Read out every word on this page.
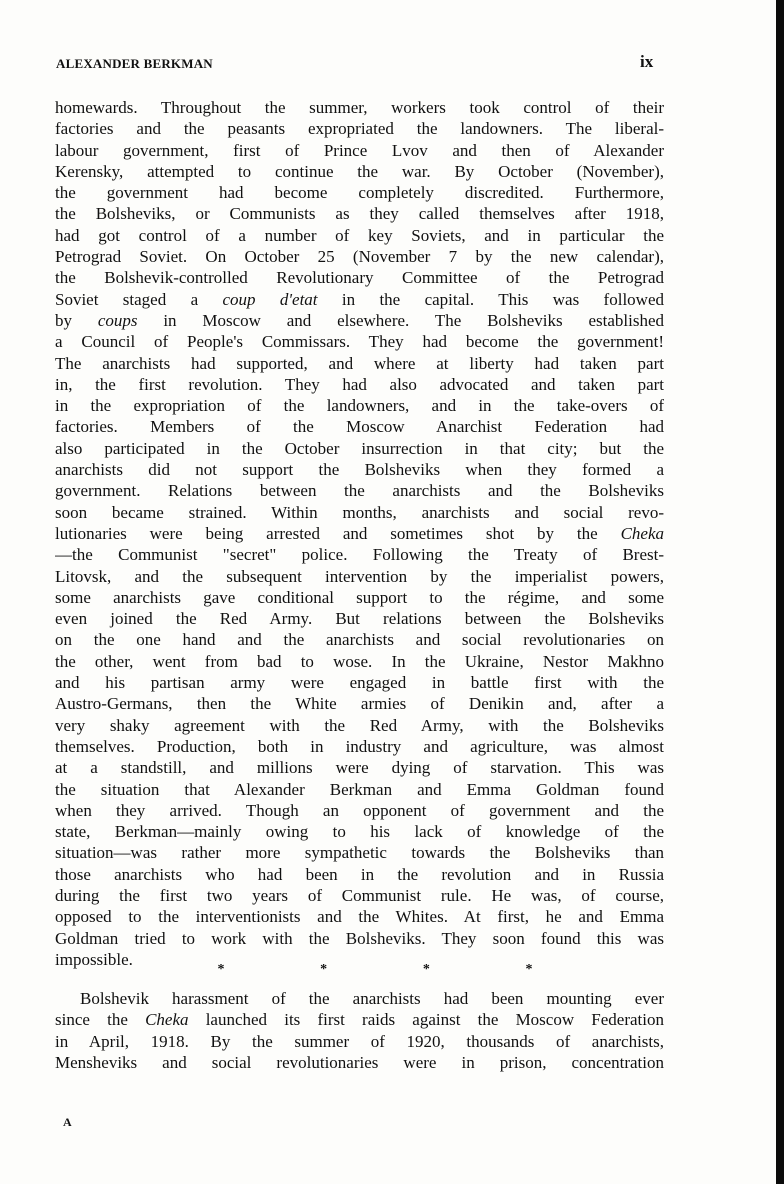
ALEXANDER BERKMAN	ix
homewards. Throughout the summer, workers took control of their
factories and the peasants expropriated the landowners. The liberal-
labour government, first of Prince Lvov and then of Alexander
Kerensky, attempted to continue the war. By October (November),
the government had become completely discredited. Furthermore,
the Bolsheviks, or Communists as they called themselves after 1918,
had got control of a number of key Soviets, and in particular the
Petrograd Soviet. On October 25 (November 7 by the new calendar),
the Bolshevik-controlled Revolutionary Committee of the Petrograd
Soviet staged a coup d'etat in the capital. This was followed
by coups in Moscow and elsewhere. The Bolsheviks established
a Council of People's Commissars. They had become the government!
The anarchists had supported, and where at liberty had taken part
in, the first revolution. They had also advocated and taken part
in the expropriation of the landowners, and in the take-overs of
factories. Members of the Moscow Anarchist Federation had
also participated in the October insurrection in that city; but the
anarchists did not support the Bolsheviks when they formed a
government. Relations between the anarchists and the Bolsheviks
soon became strained. Within months, anarchists and social revo-
lutionaries were being arrested and sometimes shot by the Cheka
—the Communist "secret" police. Following the Treaty of Brest-
Litovsk, and the subsequent intervention by the imperialist powers,
some anarchists gave conditional support to the régime, and some
even joined the Red Army. But relations between the Bolsheviks
on the one hand and the anarchists and social revolutionaries on
the other, went from bad to wose. In the Ukraine, Nestor Makhno
and his partisan army were engaged in battle first with the
Austro-Germans, then the White armies of Denikin and, after a
very shaky agreement with the Red Army, with the Bolsheviks
themselves. Production, both in industry and agriculture, was almost
at a standstill, and millions were dying of starvation. This was
the situation that Alexander Berkman and Emma Goldman found
when they arrived. Though an opponent of government and the
state, Berkman—mainly owing to his lack of knowledge of the
situation—was rather more sympathetic towards the Bolsheviks than
those anarchists who had been in the revolution and in Russia
during the first two years of Communist rule. He was, of course,
opposed to the interventionists and the Whites. At first, he and Emma
Goldman tried to work with the Bolsheviks. They soon found this was
impossible.
Bolshevik harassment of the anarchists had been mounting ever
since the Cheka launched its first raids against the Moscow Federation
in April, 1918. By the summer of 1920, thousands of anarchists,
Mensheviks and social revolutionaries were in prison, concentration
*	*	*	*
A
